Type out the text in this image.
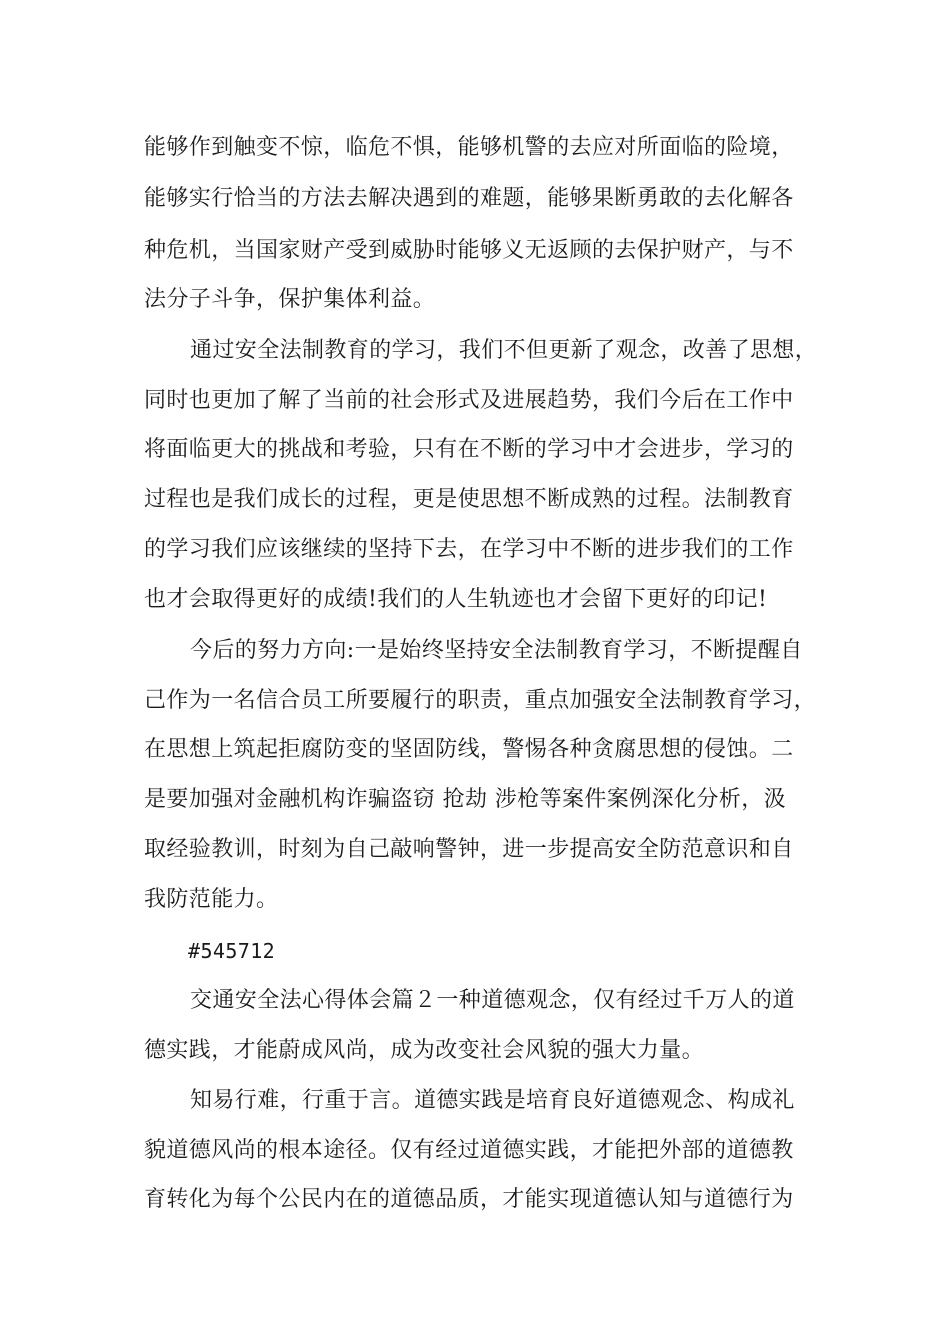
能够作到触变不惊，临危不惧，能够机警的去应对所面临的险境，
能够实行恰当的方法去解决遇到的难题，能够果断勇敢的去化解各
种危机，当国家财产受到威胁时能够义无返顾的去保护财产，与不
法分子斗争，保护集体利益。
通过安全法制教育的学习，我们不但更新了观念，改善了思想，
同时也更加了解了当前的社会形式及进展趋势，我们今后在工作中
将面临更大的挑战和考验，只有在不断的学习中才会进步，学习的
过程也是我们成长的过程，更是使思想不断成熟的过程。法制教育
的学习我们应该继续的坚持下去，在学习中不断的进步我们的工作
也才会取得更好的成绩!我们的人生轨迹也才会留下更好的印记!
今后的努力方向:一是始终坚持安全法制教育学习，不断提醒自
己作为一名信合员工所要履行的职责，重点加强安全法制教育学习，
在思想上筑起拒腐防变的坚固防线，警惕各种贪腐思想的侵蚀。二
是要加强对金融机构诈骗盗窃 抢劫 涉枪等案件案例深化分析，汲
取经验教训，时刻为自己敲响警钟，进一步提高安全防范意识和自
我防范能力。
#545712
交通安全法心得体会篇２一种道德观念，仅有经过千万人的道
德实践，才能蔚成风尚，成为改变社会风貌的强大力量。
知易行难，行重于言。道德实践是培育良好道德观念、构成礼
貌道德风尚的根本途径。仅有经过道德实践，才能把外部的道德教
育转化为每个公民内在的道德品质，才能实现道德认知与道德行为
